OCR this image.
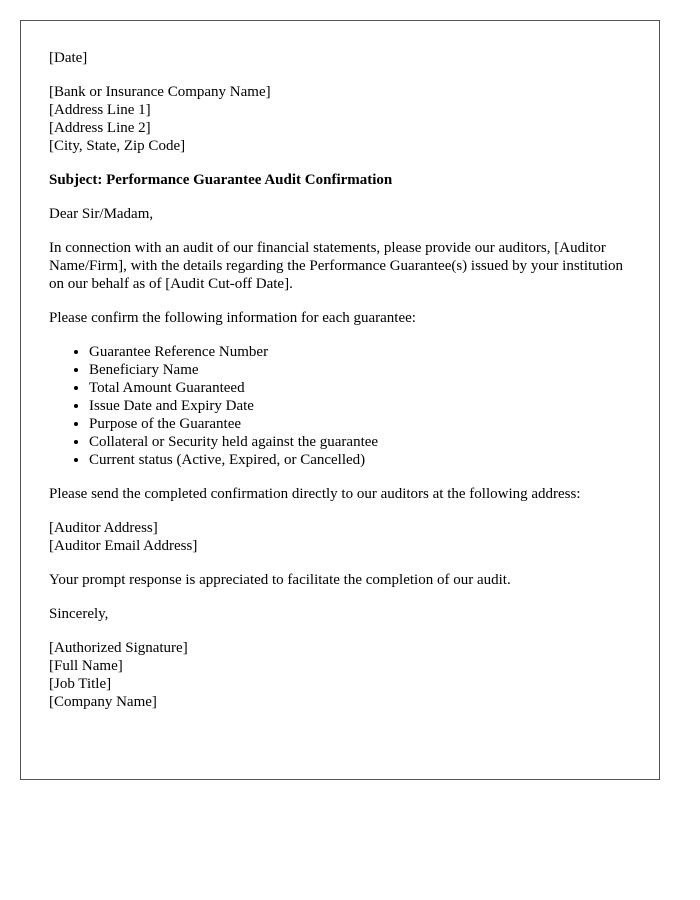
[Date]

[Bank or Insurance Company Name]
[Address Line 1]
[Address Line 2]
[City, State, Zip Code]

Subject: Performance Guarantee Audit Confirmation

Dear Sir/Madam,

In connection with an audit of our financial statements, please provide our auditors, [Auditor Name/Firm], with the details regarding the Performance Guarantee(s) issued by your institution on our behalf as of [Audit Cut-off Date].

Please confirm the following information for each guarantee:

• Guarantee Reference Number
• Beneficiary Name
• Total Amount Guaranteed
• Issue Date and Expiry Date
• Purpose of the Guarantee
• Collateral or Security held against the guarantee
• Current status (Active, Expired, or Cancelled)

Please send the completed confirmation directly to our auditors at the following address:

[Auditor Address]
[Auditor Email Address]

Your prompt response is appreciated to facilitate the completion of our audit.

Sincerely,

[Authorized Signature]
[Full Name]
[Job Title]
[Company Name]
